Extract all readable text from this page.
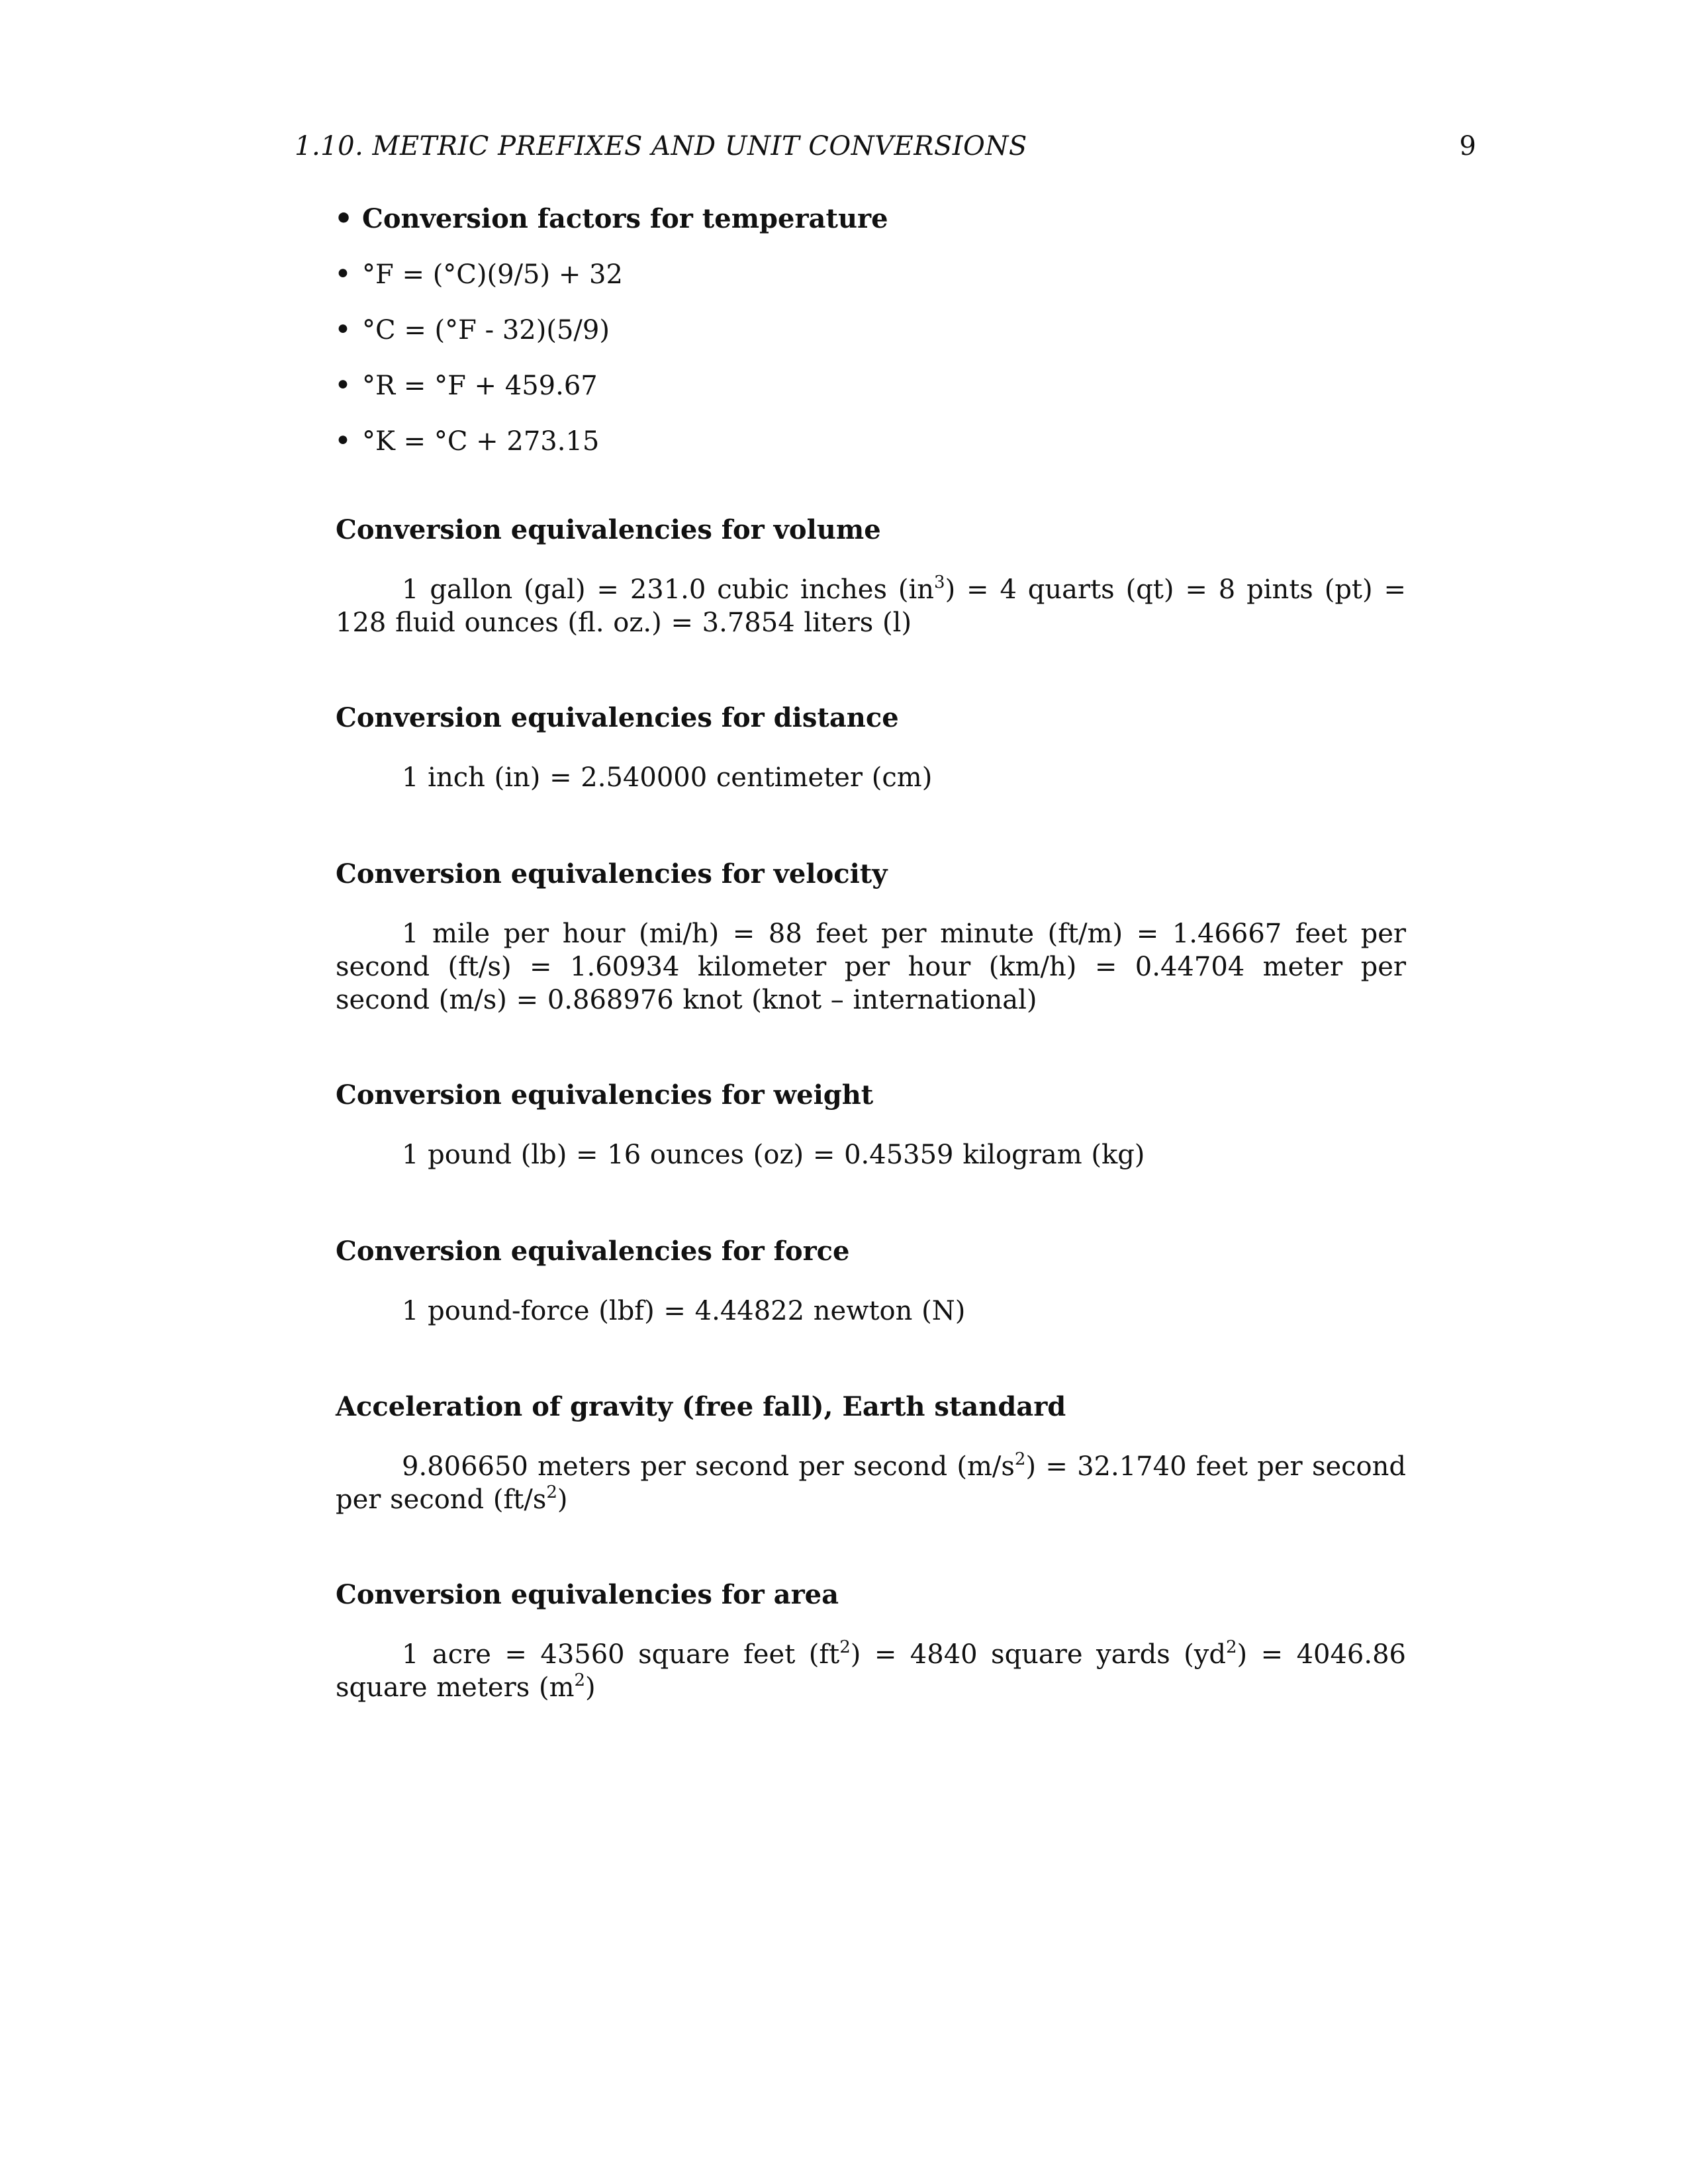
1.10. METRIC PREFIXES AND UNIT CONVERSIONS	9
• Conversion factors for temperature
• °F = (°C)(9/5) + 32
• °C = (°F - 32)(5/9)
• °R = °F + 459.67
• °K = °C + 273.15
Conversion equivalencies for volume

1 gallon (gal) = 231.0 cubic inches $(in^3) = 4$ quarts (qt) = 8 pints (pt) = 128 fluid ounces (fl. oz.) = 3.7854 liters (l)

Conversion equivalencies for distance

1 inch (in) = 2.540000 centimeter (cm)

Conversion equivalencies for velocity

1 mile per hour (mi/h) = 88 feet per minute (ft/m) = 1.46667 feet per second (ft/s) = 1.60934 kilometer per hour (km/h) = 0.44704 meter per second (m/s) = 0.868976 knot (knot – international)

Conversion equivalencies for weight

1 pound (lb) = 16 ounces (oz) = 0.45359 kilogram (kg)

Conversion equivalencies for force

1 pound-force (lbf) = 4.44822 newton (N)

Acceleration of gravity (free fall), Earth standard

9.806650 meters per second per second $(m/s^2) = 32.1740$ feet per second per second $(ft/s^2)$

Conversion equivalencies for area

1 acre = 43560 square feet $(ft^2) = 4840$ square yards $(yd^2) = 4046.86$ square meters $(m^2)$
